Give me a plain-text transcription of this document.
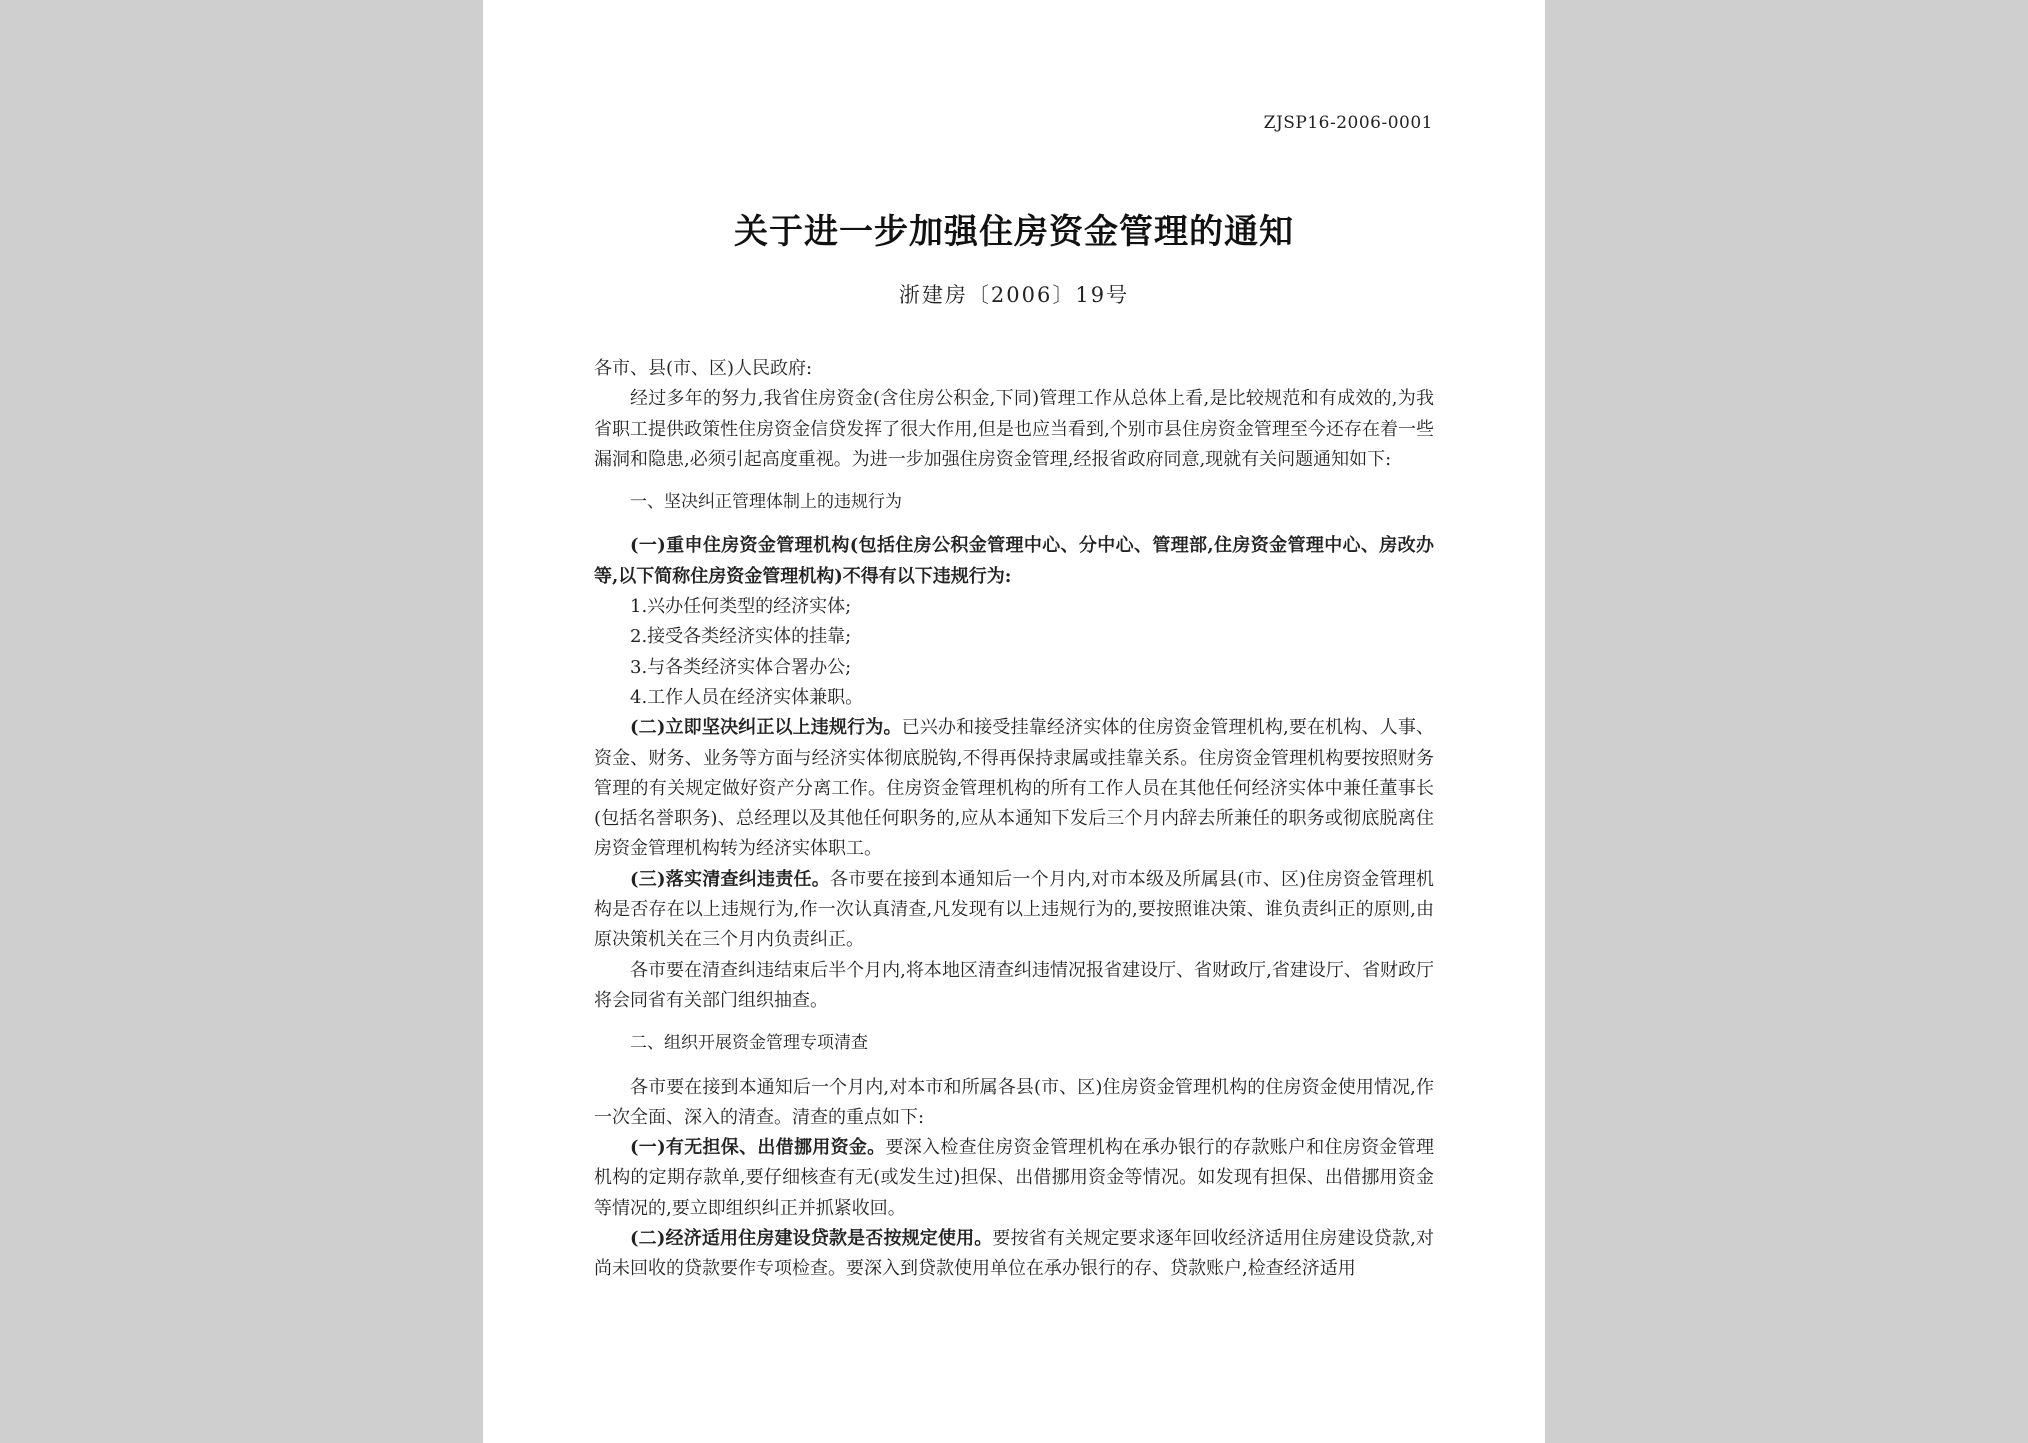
ZJSP16-2006-0001
关于进一步加强住房资金管理的通知
浙建房〔2006〕19号

各市、县(市、区)人民政府:

经过多年的努力,我省住房资金(含住房公积金,下同)管理工作从总体上看,是比较规范和有成效的,为我省职工提供政策性住房资金信贷发挥了很大作用,但是也应当看到,个别市县住房资金管理至今还存在着一些漏洞和隐患,必须引起高度重视。为进一步加强住房资金管理,经报省政府同意,现就有关问题通知如下:

一、坚决纠正管理体制上的违规行为

(一)重申住房资金管理机构(包括住房公积金管理中心、分中心、管理部,住房资金管理中心、房改办等,以下简称住房资金管理机构)不得有以下违规行为:

1.兴办任何类型的经济实体;

2.接受各类经济实体的挂靠;

3.与各类经济实体合署办公;

4.工作人员在经济实体兼职。

(二)立即坚决纠正以上违规行为。已兴办和接受挂靠经济实体的住房资金管理机构,要在机构、人事、资金、财务、业务等方面与经济实体彻底脱钩,不得再保持隶属或挂靠关系。住房资金管理机构要按照财务管理的有关规定做好资产分离工作。住房资金管理机构的所有工作人员在其他任何经济实体中兼任董事长(包括名誉职务)、总经理以及其他任何职务的,应从本通知下发后三个月内辞去所兼任的职务或彻底脱离住房资金管理机构转为经济实体职工。

(三)落实清查纠违责任。各市要在接到本通知后一个月内,对市本级及所属县(市、区)住房资金管理机构是否存在以上违规行为,作一次认真清查,凡发现有以上违规行为的,要按照谁决策、谁负责纠正的原则,由原决策机关在三个月内负责纠正。

各市要在清查纠违结束后半个月内,将本地区清查纠违情况报省建设厅、省财政厅,省建设厅、省财政厅将会同省有关部门组织抽查。

二、组织开展资金管理专项清查

各市要在接到本通知后一个月内,对本市和所属各县(市、区)住房资金管理机构的住房资金使用情况,作一次全面、深入的清查。清查的重点如下:

(一)有无担保、出借挪用资金。要深入检查住房资金管理机构在承办银行的存款账户和住房资金管理机构的定期存款单,要仔细核查有无(或发生过)担保、出借挪用资金等情况。如发现有担保、出借挪用资金等情况的,要立即组织纠正并抓紧收回。

(二)经济适用住房建设贷款是否按规定使用。要按省有关规定要求逐年回收经济适用住房建设贷款,对尚未回收的贷款要作专项检查。要深入到贷款使用单位在承办银行的存、贷款账户,检查经济适用
